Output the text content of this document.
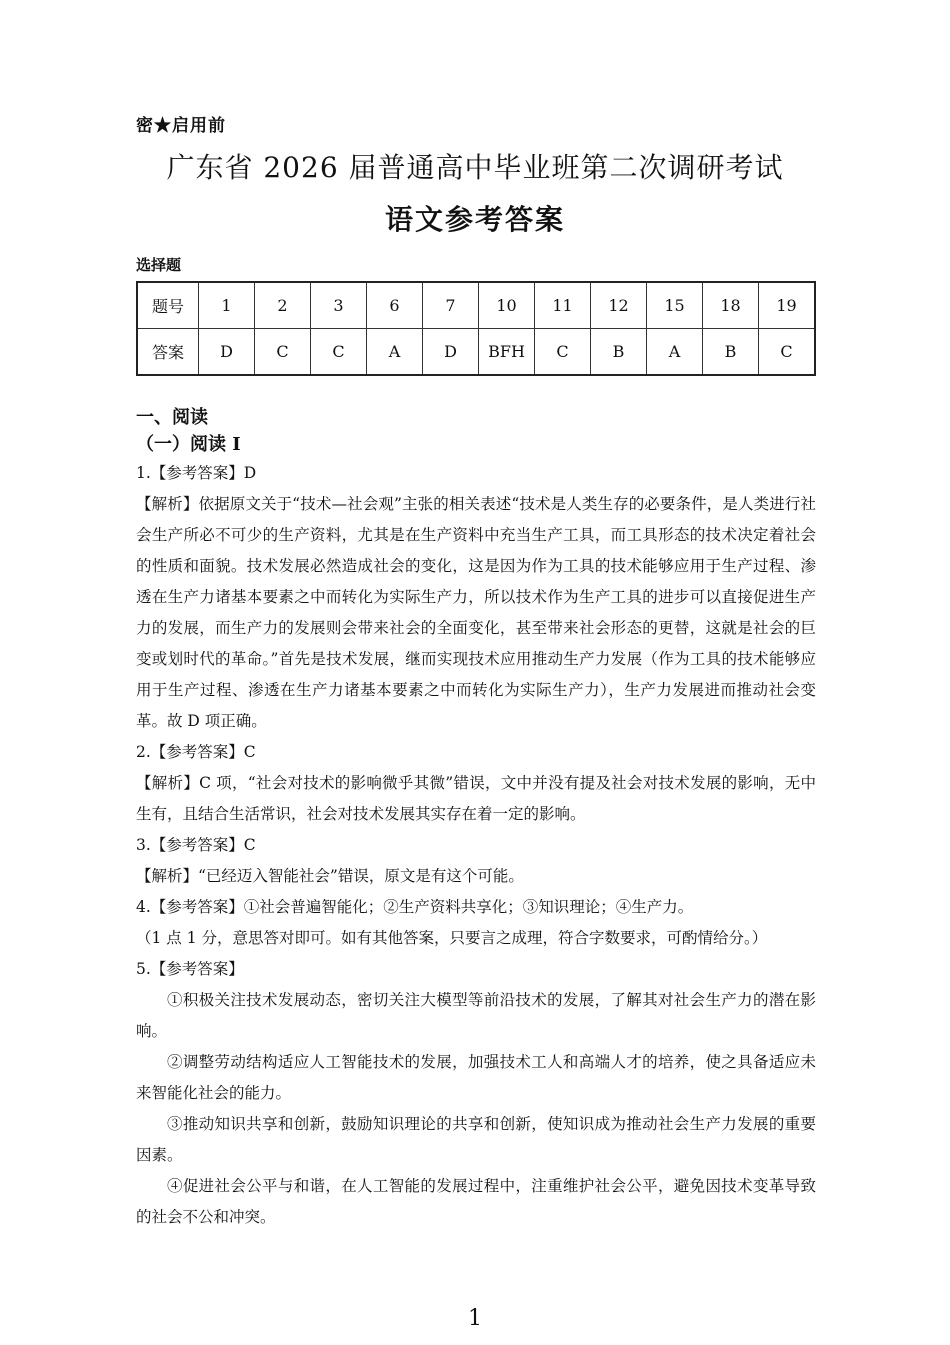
密★启用前
广东省 2026 届普通高中毕业班第二次调研考试
语文参考答案
选择题
题号	1	2	3	6	7	10	11	12	15	18	19
答案	D	C	C	A	D	BFH	C	B	A	B	C
一、阅读
（一）阅读 I

1.【参考答案】D

【解析】依据原文关于“技术—社会观”主张的相关表述“技术是人类生存的必要条件，是人类进行社会生产所必不可少的生产资料，尤其是在生产资料中充当生产工具，而工具形态的技术决定着社会的性质和面貌。技术发展必然造成社会的变化，这是因为作为工具的技术能够应用于生产过程、渗透在生产力诸基本要素之中而转化为实际生产力，所以技术作为生产工具的进步可以直接促进生产力的发展，而生产力的发展则会带来社会的全面变化，甚至带来社会形态的更替，这就是社会的巨变或划时代的革命。”首先是技术发展，继而实现技术应用推动生产力发展（作为工具的技术能够应用于生产过程、渗透在生产力诸基本要素之中而转化为实际生产力），生产力发展进而推动社会变革。故 D 项正确。

2.【参考答案】C

【解析】C 项，“社会对技术的影响微乎其微”错误，文中并没有提及社会对技术发展的影响，无中生有，且结合生活常识，社会对技术发展其实存在着一定的影响。

3.【参考答案】C

【解析】“已经迈入智能社会”错误，原文是有这个可能。

4.【参考答案】①社会普遍智能化；②生产资料共享化；③知识理论；④生产力。

（1 点 1 分，意思答对即可。如有其他答案，只要言之成理，符合字数要求，可酌情给分。）

5.【参考答案】

①积极关注技术发展动态，密切关注大模型等前沿技术的发展，了解其对社会生产力的潜在影响。

②调整劳动结构适应人工智能技术的发展，加强技术工人和高端人才的培养，使之具备适应未来智能化社会的能力。

③推动知识共享和创新，鼓励知识理论的共享和创新，使知识成为推动社会生产力发展的重要因素。

④促进社会公平与和谐，在人工智能的发展过程中，注重维护社会公平，避免因技术变革导致的社会不公和冲突。

1
